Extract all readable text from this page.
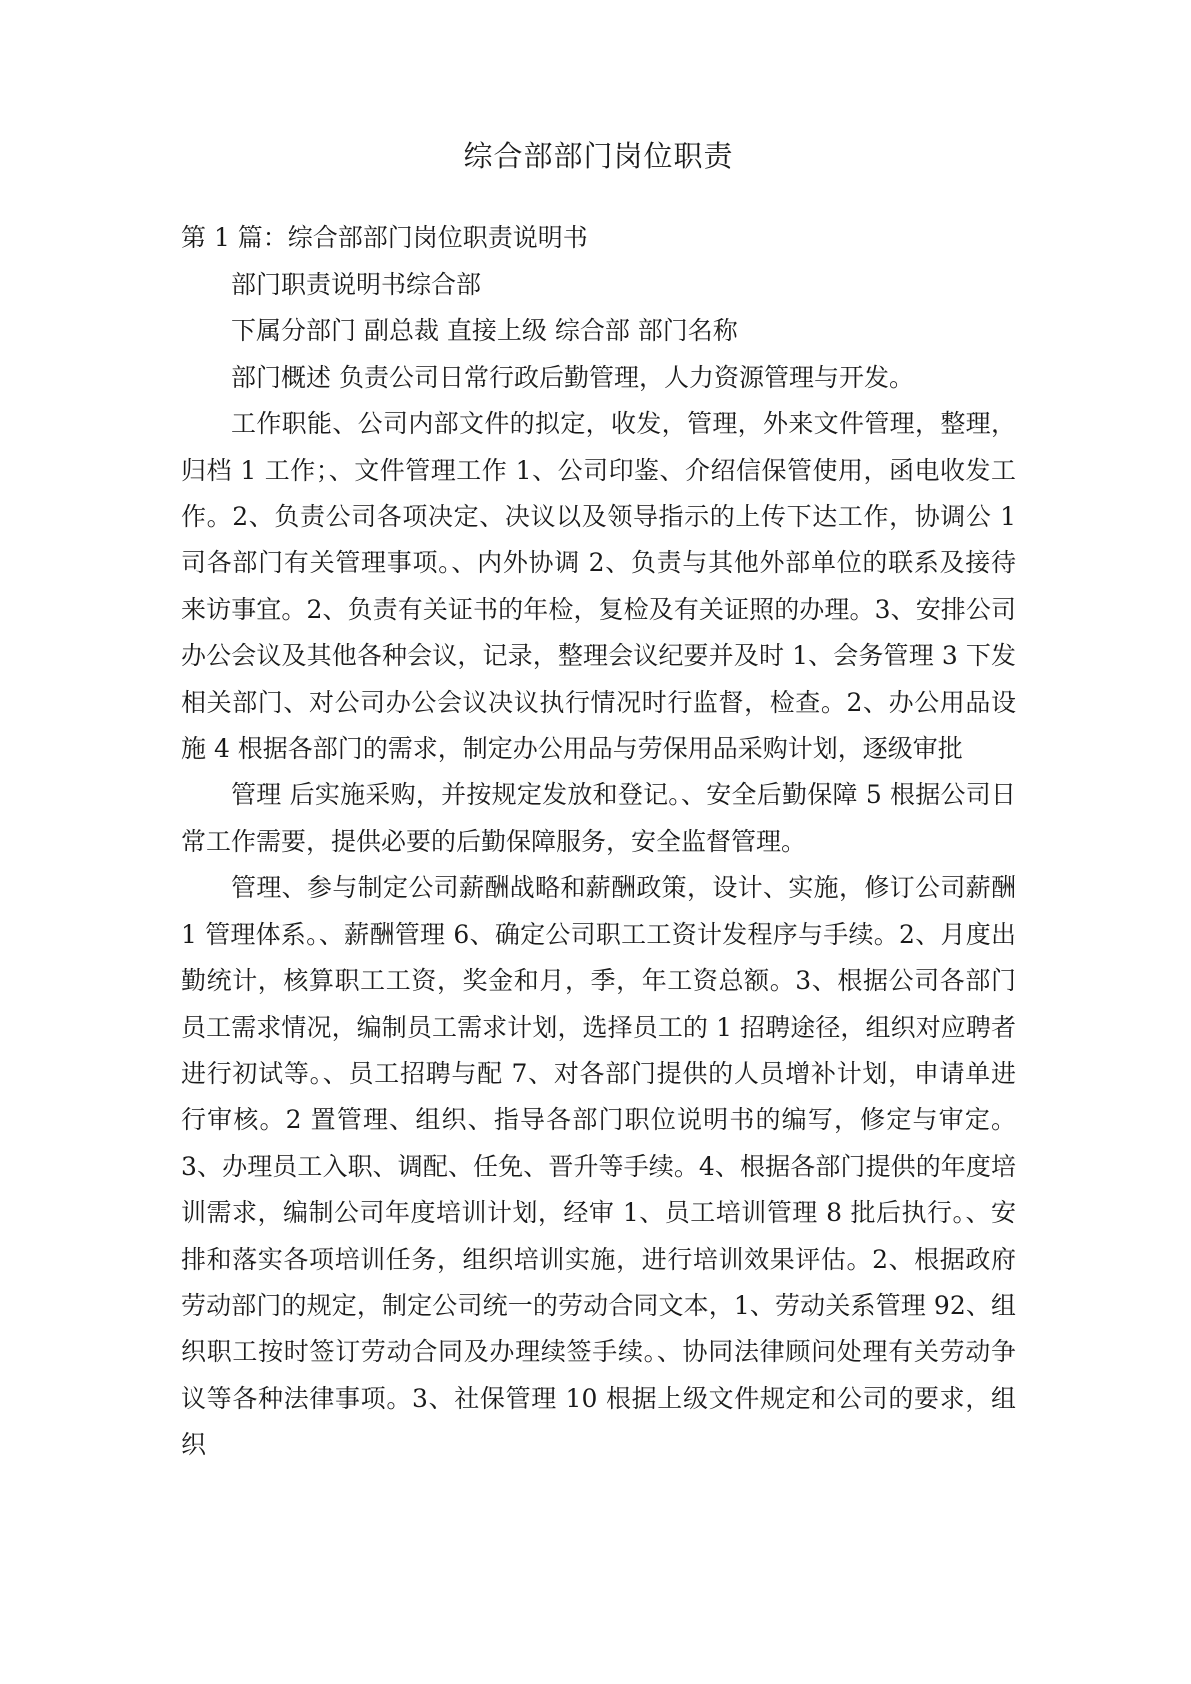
综合部部门岗位职责
第 1 篇：综合部部门岗位职责说明书

部门职责说明书综合部

下属分部门 副总裁 直接上级 综合部 部门名称

部门概述 负责公司日常行政后勤管理，人力资源管理与开发。

工作职能、公司内部文件的拟定，收发，管理，外来文件管理，整理，归档 1 工作；、文件管理工作 1、公司印鉴、介绍信保管使用，函电收发工作。2、负责公司各项决定、决议以及领导指示的上传下达工作，协调公 1 司各部门有关管理事项。、内外协调 2、负责与其他外部单位的联系及接待来访事宜。2、负责有关证书的年检，复检及有关证照的办理。3、安排公司办公会议及其他各种会议，记录，整理会议纪要并及时 1、会务管理 3 下发相关部门、对公司办公会议决议执行情况时行监督，检查。2、办公用品设施 4 根据各部门的需求，制定办公用品与劳保用品采购计划，逐级审批

管理 后实施采购，并按规定发放和登记。、安全后勤保障 5 根据公司日常工作需要，提供必要的后勤保障服务，安全监督管理。

管理、参与制定公司薪酬战略和薪酬政策，设计、实施，修订公司薪酬 1 管理体系。、薪酬管理 6、确定公司职工工资计发程序与手续。2、月度出勤统计，核算职工工资，奖金和月，季，年工资总额。3、根据公司各部门员工需求情况，编制员工需求计划，选择员工的 1 招聘途径，组织对应聘者进行初试等。、员工招聘与配 7、对各部门提供的人员增补计划，申请单进行审核。2 置管理、组织、指导各部门职位说明书的编写，修定与审定。3、办理员工入职、调配、任免、晋升等手续。4、根据各部门提供的年度培训需求，编制公司年度培训计划，经审 1、员工培训管理 8 批后执行。、安排和落实各项培训任务，组织培训实施，进行培训效果评估。2、根据政府劳动部门的规定，制定公司统一的劳动合同文本，1、劳动关系管理 92、组织职工按时签订劳动合同及办理续签手续。、协同法律顾问处理有关劳动争议等各种法律事项。3、社保管理 10 根据上级文件规定和公司的要求，组织
